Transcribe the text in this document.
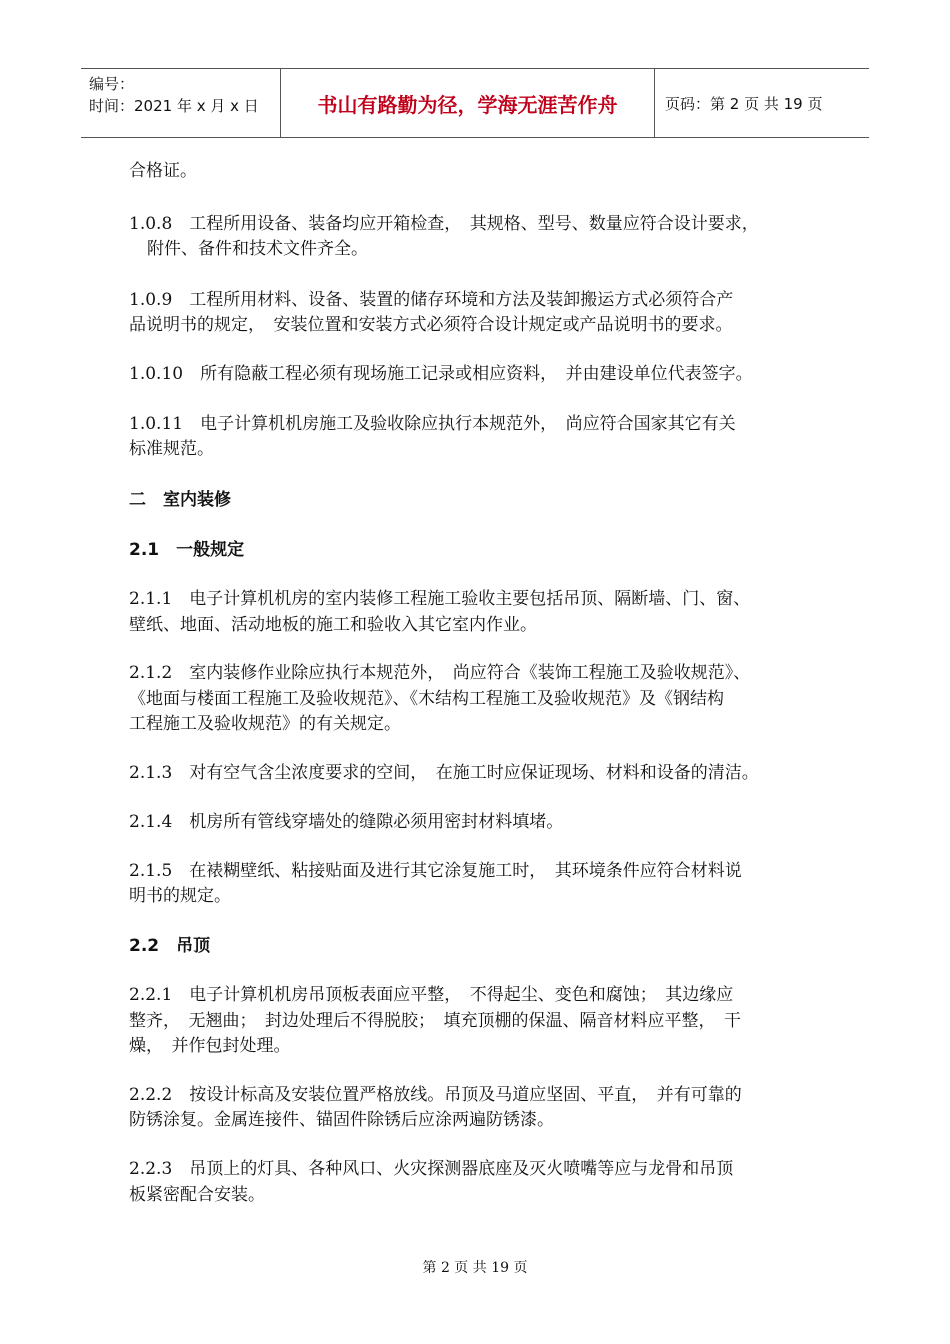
编号：
时间：2021 年 x 月 x 日	书山有路勤为径，学海无涯苦作舟	页码：第 2 页 共 19 页

合格证。

1.0.8　工程所用设备、装备均应开箱检查，　其规格、型号、数量应符合设计要求，

附件、备件和技术文件齐全。

1.0.9　工程所用材料、设备、装置的储存环境和方法及装卸搬运方式必须符合产

品说明书的规定，　安装位置和安装方式必须符合设计规定或产品说明书的要求。

1.0.10　所有隐蔽工程必须有现场施工记录或相应资料，　并由建设单位代表签字。

1.0.11　电子计算机机房施工及验收除应执行本规范外，　尚应符合国家其它有关

标准规范。

二　室内装修

2.1　一般规定

2.1.1　电子计算机机房的室内装修工程施工验收主要包括吊顶、隔断墙、门、窗、

壁纸、地面、活动地板的施工和验收入其它室内作业。

2.1.2　室内装修作业除应执行本规范外，　尚应符合《装饰工程施工及验收规范》、

《地面与楼面工程施工及验收规范》、《木结构工程施工及验收规范》及《钢结构

工程施工及验收规范》的有关规定。

2.1.3　对有空气含尘浓度要求的空间，　在施工时应保证现场、材料和设备的清洁。

2.1.4　机房所有管线穿墙处的缝隙必须用密封材料填堵。

2.1.5　在裱糊壁纸、粘接贴面及进行其它涂复施工时，　其环境条件应符合材料说

明书的规定。

2.2　吊顶

2.2.1　电子计算机机房吊顶板表面应平整，　不得起尘、变色和腐蚀；　其边缘应

整齐，　无翘曲；　封边处理后不得脱胶；　填充顶棚的保温、隔音材料应平整，　干

燥，　并作包封处理。

2.2.2　按设计标高及安装位置严格放线。吊顶及马道应坚固、平直，　并有可靠的

防锈涂复。金属连接件、锚固件除锈后应涂两遍防锈漆。

2.2.3　吊顶上的灯具、各种风口、火灾探测器底座及灭火喷嘴等应与龙骨和吊顶

板紧密配合安装。

第 2 页 共 19 页
